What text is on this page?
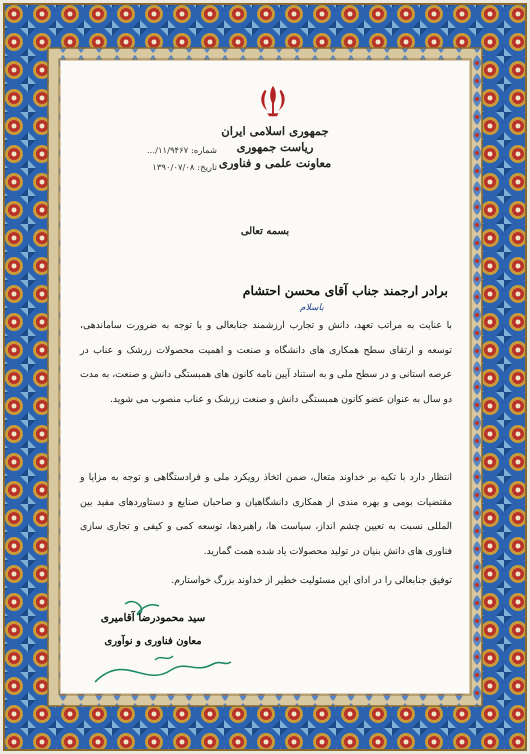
جمهوری اسلامی ایران
ریاست جمهوری
معاونت علمی و فناوری
شماره: ۱۱/۹۴۶۷/...
تاریخ: ۱۳۹۰/۰۷/۰۸
بسمه تعالی
برادر ارجمند جناب آقای محسن احتشام
باسلام
با عنایت به مراتب تعهد، دانش و تجارب ارزشمند جنابعالی و با توجه به ضرورت ساماندهی، توسعه و ارتقای سطح همکاری های دانشگاه و صنعت و اهمیت محصولات زرشک و عناب در عرصه استانی و در سطح ملی و به استناد آیین نامه کانون های همبستگی دانش و صنعت، به مدت دو سال به عنوان عضو کانون همبستگی دانش و صنعت زرشک و عناب منصوب می شوید.
انتظار دارد با تکیه بر خداوند متعال، ضمن اتخاذ رویکرد ملی و فرادستگاهی و توجه به مزایا و مقتضیات بومی و بهره مندی از همکاری دانشگاهیان و صاحبان صنایع و دستاوردهای مفید بین المللی نسبت به تعیین چشم انداز، سیاست ها، راهبردها، توسعه کمی و کیفی و تجاری سازی فناوری های دانش بنیان در تولید محصولات یاد شده همت گمارید.
توفیق جنابعالی را در ادای این مسئولیت خطیر از خداوند بزرگ خواستارم.
سید محمودرضا آقامیری
معاون فناوری و نوآوری
